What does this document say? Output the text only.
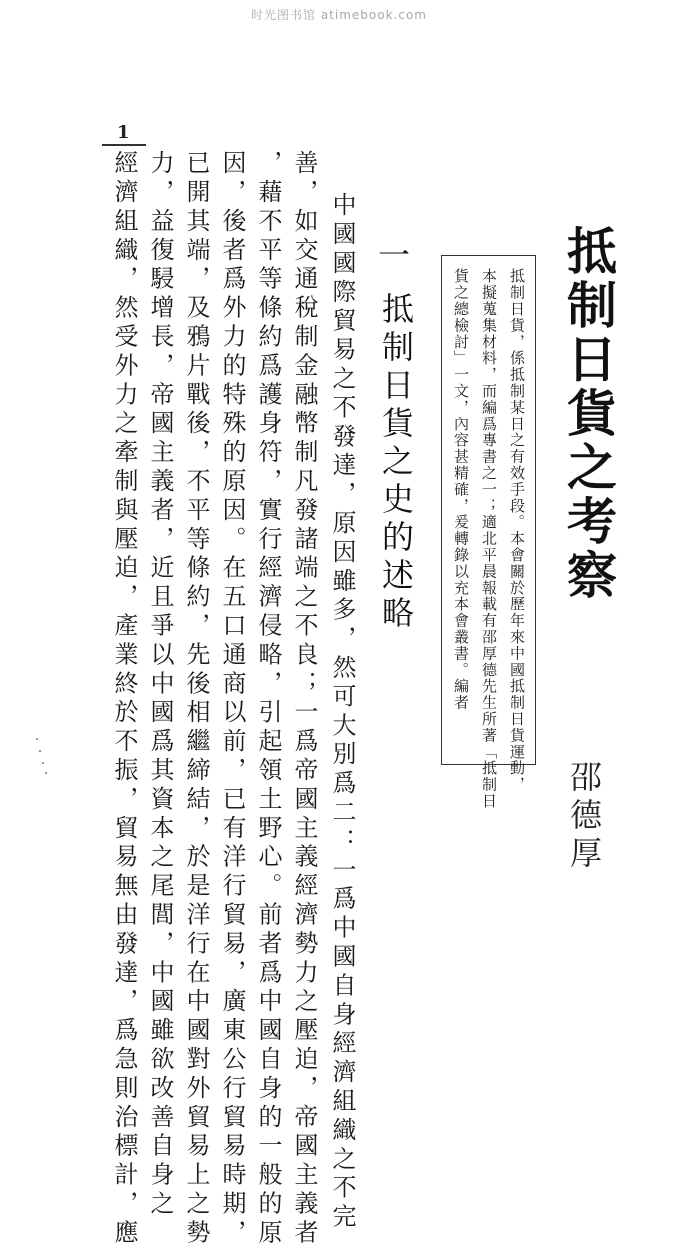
时光图书馆 atimebook.com
1
抵制日貨之考察
邵德厚
抵制日貨，係抵制某日之有效手段。本會關於歷年來中國抵制日貨運動，
本擬蒐集材料，而編爲專書之一；適北平晨報載有邵厚德先生所著「抵制日
貨之總檢討」一文，內容甚精確，爰轉錄以充本會叢書。編者
一
抵制日貨之史的述略
中國國際貿易之不發達，原因雖多，然可大別爲二：一爲中國自身經濟組織之不完
善，如交通稅制金融幣制凡發諸端之不良；一爲帝國主義經濟勢力之壓迫，帝國主義者
，藉不平等條約爲護身符，實行經濟侵略，引起領土野心。前者爲中國自身的一般的原
因，後者爲外力的特殊的原因。在五口通商以前，已有洋行貿易，廣東公行貿易時期，
已開其端，及鴉片戰後，不平等條約，先後相繼締結，於是洋行在中國對外貿易上之勢
力，益復駸增長，帝國主義者，近且爭以中國爲其資本之尾閭，中國雖欲改善自身之
經濟組織，然受外力之牽制與壓迫，產業終於不振，貿易無由發達，爲急則治標計，應
